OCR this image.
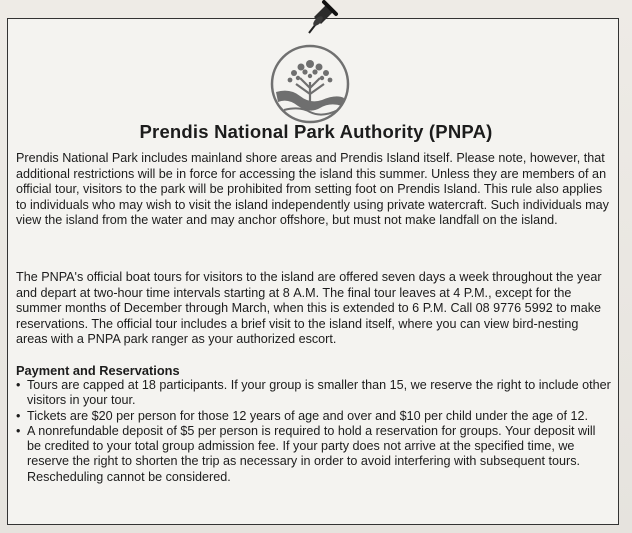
Prendis National Park Authority (PNPA)
Prendis National Park includes mainland shore areas and Prendis Island itself. Please note, however, that additional restrictions will be in force for accessing the island this summer. Unless they are members of an official tour, visitors to the park will be prohibited from setting foot on Prendis Island. This rule also applies to individuals who may wish to visit the island independently using private watercraft. Such individuals may view the island from the water and may anchor offshore, but must not make landfall on the island.
The PNPA's official boat tours for visitors to the island are offered seven days a week throughout the year and depart at two-hour time intervals starting at 8 A.M. The final tour leaves at 4 P.M., except for the summer months of December through March, when this is extended to 6 P.M. Call 08 9776 5992 to make reservations. The official tour includes a brief visit to the island itself, where you can view bird-nesting areas with a PNPA park ranger as your authorized escort.
Payment and Reservations
• Tours are capped at 18 participants. If your group is smaller than 15, we reserve the right to include other visitors in your tour.
• Tickets are $20 per person for those 12 years of age and over and $10 per child under the age of 12.
• A nonrefundable deposit of $5 per person is required to hold a reservation for groups. Your deposit will be credited to your total group admission fee. If your party does not arrive at the specified time, we reserve the right to shorten the trip as necessary in order to avoid interfering with subsequent tours. Rescheduling cannot be considered.
